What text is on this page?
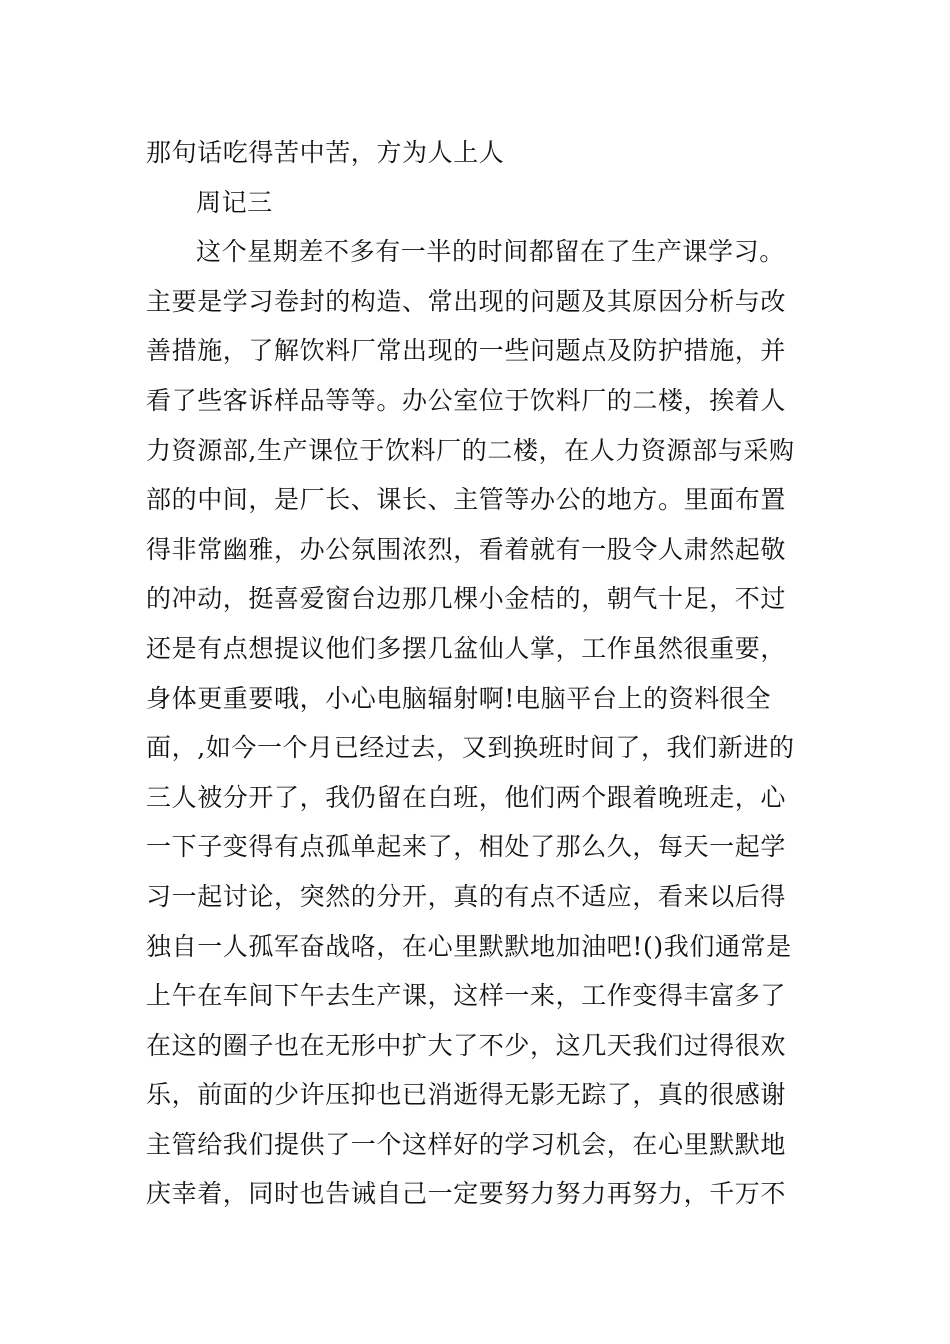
那句话吃得苦中苦，方为人上人
周记三
这个星期差不多有一半的时间都留在了生产课学习。
主要是学习卷封的构造、常出现的问题及其原因分析与改
善措施，了解饮料厂常出现的一些问题点及防护措施，并
看了些客诉样品等等。办公室位于饮料厂的二楼，挨着人
力资源部,生产课位于饮料厂的二楼，在人力资源部与采购
部的中间，是厂长、课长、主管等办公的地方。里面布置
得非常幽雅，办公氛围浓烈，看着就有一股令人肃然起敬
的冲动，挺喜爱窗台边那几棵小金桔的，朝气十足，不过
还是有点想提议他们多摆几盆仙人掌，工作虽然很重要，
身体更重要哦，小心电脑辐射啊!电脑平台上的资料很全
面，,如今一个月已经过去，又到换班时间了，我们新进的
三人被分开了，我仍留在白班，他们两个跟着晚班走，心
一下子变得有点孤单起来了，相处了那么久，每天一起学
习一起讨论，突然的分开，真的有点不适应，看来以后得
独自一人孤军奋战咯，在心里默默地加油吧!()我们通常是
上午在车间下午去生产课，这样一来，工作变得丰富多了
在这的圈子也在无形中扩大了不少，这几天我们过得很欢
乐，前面的少许压抑也已消逝得无影无踪了，真的很感谢
主管给我们提供了一个这样好的学习机会，在心里默默地
庆幸着，同时也告诫自己一定要努力努力再努力，千万不
